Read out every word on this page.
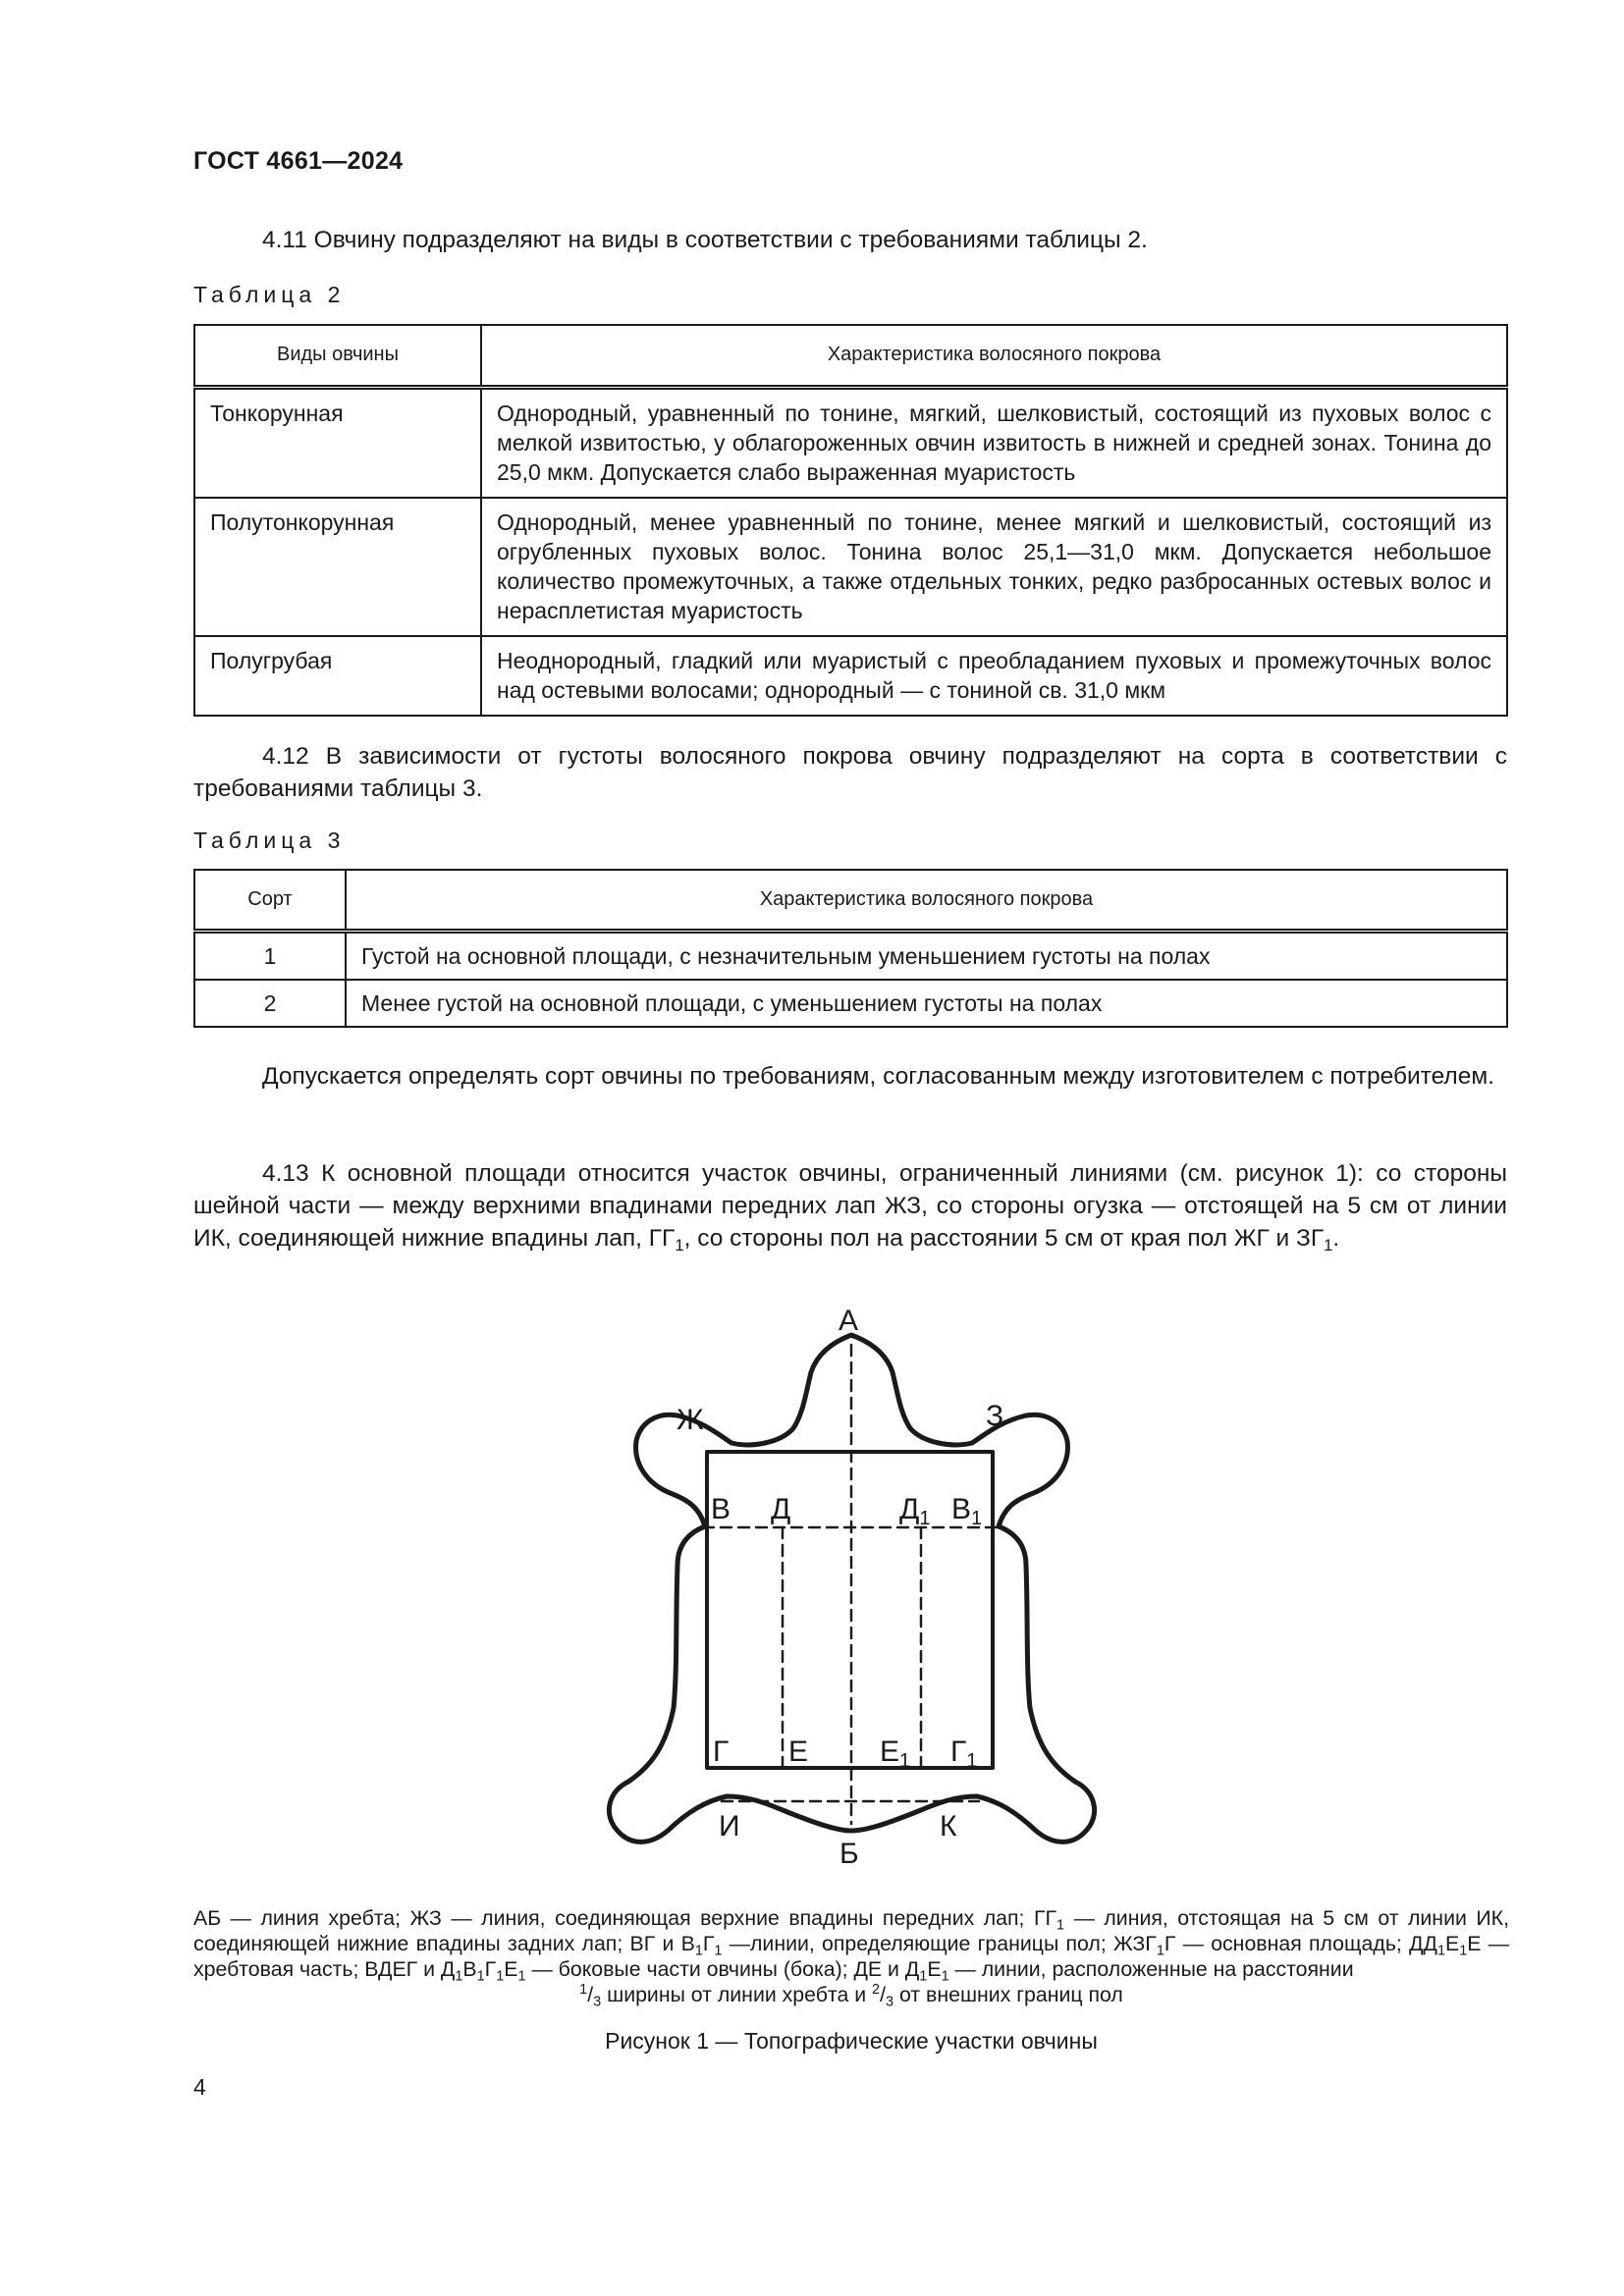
ГОСТ 4661—2024
4.11 Овчину подразделяют на виды в соответствии с требованиями таблицы 2.
Таблица 2
Виды овчины	Характеристика волосяного покрова
Тонкорунная	Однородный, уравненный по тонине, мягкий, шелковистый, состоящий из пуховых волос с мелкой извитостью, у облагороженных овчин извитость в нижней и средней зонах. Тонина до 25,0 мкм. Допускается слабо выраженная муаристость
Полутонкорунная	Однородный, менее уравненный по тонине, менее мягкий и шелковистый, состоящий из огрубленных пуховых волос. Тонина волос 25,1—31,0 мкм. Допускается небольшое количество промежуточных, а также отдельных тонких, редко разбросанных остевых волос и нерасплетистая муаристость
Полугрубая	Неоднородный, гладкий или муаристый с преобладанием пуховых и промежуточных волос над остевыми волосами; однородный — с тониной св. 31,0 мкм
4.12 В зависимости от густоты волосяного покрова овчину подразделяют на сорта в соответствии с требованиями таблицы 3.
Таблица 3
Сорт	Характеристика волосяного покрова
1	Густой на основной площади, с незначительным уменьшением густоты на полах
2	Менее густой на основной площади, с уменьшением густоты на полах
Допускается определять сорт овчины по требованиям, согласованным между изготовителем с потребителем.
4.13 К основной площади относится участок овчины, ограниченный линиями (см. рисунок 1): со стороны шейной части — между верхними впадинами передних лап ЖЗ, со стороны огузка — отстоящей на 5 см от линии ИК, соединяющей нижние впадины лап, $ГГ_1$, со стороны пол на расстоянии 5 см от края пол ЖГ и $ЗГ_1$.
А
Ж	З
В Д	$Д_1$ $В_1$
Г Е $Е_1$ $Г_1$
И	К
Б
АБ — линия хребта; ЖЗ — линия, соединяющая верхние впадины передних лап; $ГГ_1$ — линия, отстоящая на 5 см от линии ИК, соединяющей нижние впадины задних лап; ВГ и $В_1Г_1$ —линии, определяющие границы пол; $ЖЗГ_1Г$ — основная площадь; $ДД_1Е_1Е$ — хребтовая часть; ВДЕГ и $Д_1В_1Г_1Е_1$ — боковые части овчины (бока); ДЕ и $Д_1Е_1$ — линии, расположенные на расстоянии
$^1/_3$ ширины от линии хребта и $^2/_3$ от внешних границ пол
Рисунок 1 — Топографические участки овчины
4
